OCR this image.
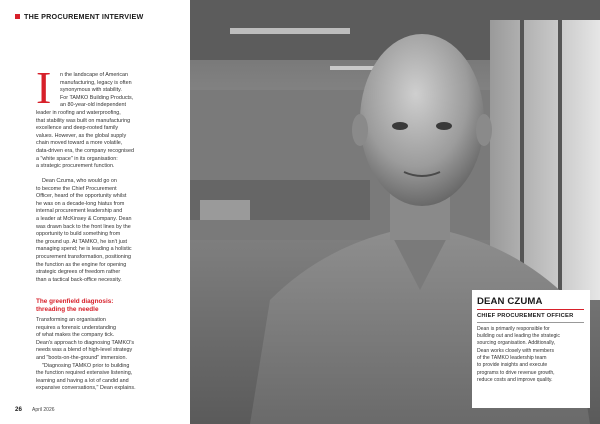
THE PROCUREMENT INTERVIEW
I	n the landscape of American
manufacturing, legacy is often
synonymous with stability.
For TAMKO Building Products,
an 80-year-old independent
leader in roofing and waterproofing,
that stability was built on manufacturing
excellence and deep-rooted family
values. However, as the global supply
chain moved toward a more volatile,
data-driven era, the company recognised
a "white space" in its organisation:
a strategic procurement function.
Dean Czuma, who would go on
to become the Chief Procurement
Officer, heard of the opportunity whilst
he was on a decade-long hiatus from
internal procurement leadership and
a leader at McKinsey & Company. Dean
was drawn back to the front lines by the
opportunity to build something from
the ground up. At TAMKO, he isn't just
managing spend; he is leading a holistic
procurement transformation, positioning
the function as the engine for opening
strategic degrees of freedom rather
than a tactical back-office necessity.
The greenfield diagnosis:
threading the needle
Transforming an organisation
requires a forensic understanding
of what makes the company tick.
Dean's approach to diagnosing TAMKO's
needs was a blend of high-level strategy
and "boots-on-the-ground" immersion.
"Diagnosing TAMKO prior to building
the function required extensive listening,
learning and having a lot of candid and
expansive conversations," Dean explains.
26 April 2026
DEAN CZUMA
CHIEF PROCUREMENT OFFICER
Dean is primarily responsible for
building out and leading the strategic
sourcing organisation. Additionally,
Dean works closely with members
of the TAMKO leadership team
to provide insights and execute
programs to drive revenue growth,
reduce costs and improve quality.
